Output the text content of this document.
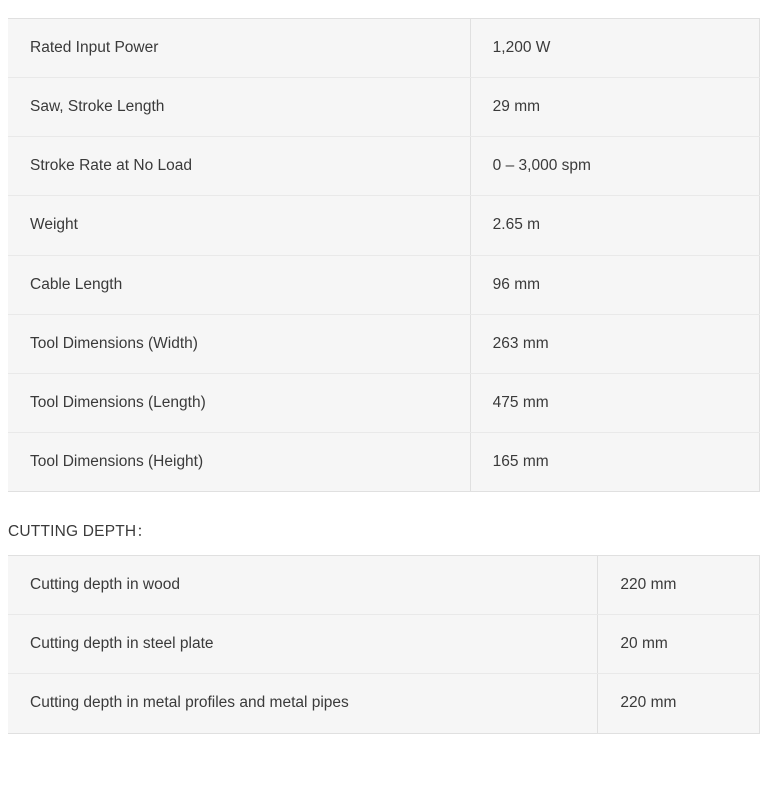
Rated Input Power	1,200 W
Saw, Stroke Length	29 mm
Stroke Rate at No Load	0 – 3,000 spm
Weight	2.65 m
Cable Length	96 mm
Tool Dimensions (Width)	263 mm
Tool Dimensions (Length)	475 mm
Tool Dimensions (Height)	165 mm
CUTTING DEPTH：
Cutting depth in wood	220 mm
Cutting depth in steel plate	20 mm
Cutting depth in metal profiles and metal pipes	220 mm
